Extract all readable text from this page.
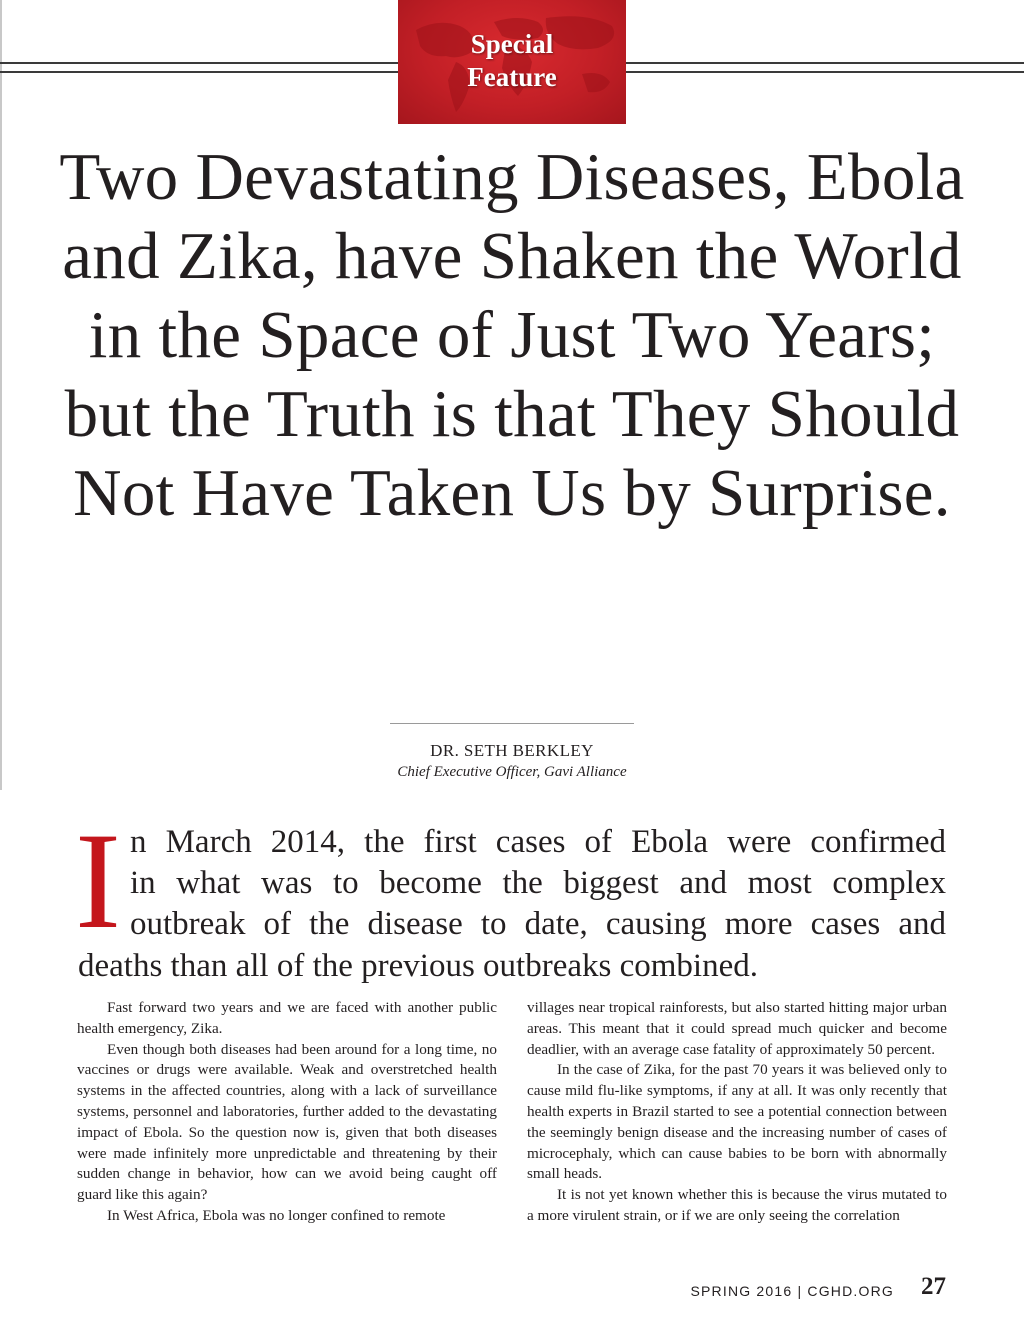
Special
Feature
Two Devastating Diseases, Ebola and Zika, have Shaken the World in the Space of Just Two Years; but the Truth is that They Should Not Have Taken Us by Surprise.
DR. SETH BERKLEY
Chief Executive Officer, Gavi Alliance
I n March 2014, the first cases of Ebola were confirmed
in what was to become the biggest and most complex
outbreak of the disease to date, causing more cases and
deaths than all of the previous outbreaks combined.

Fast forward two years and we are faced with another public health emergency, Zika.

Even though both diseases had been around for a long time, no vaccines or drugs were available. Weak and overstretched health systems in the affected countries, along with a lack of surveillance systems, personnel and laboratories, further added to the devastating impact of Ebola. So the question now is, given that both diseases were made infinitely more unpredictable and threatening by their sudden change in behavior, how can we avoid being caught off guard like this again?

In West Africa, Ebola was no longer confined to remote

villages near tropical rainforests, but also started hitting major urban areas. This meant that it could spread much quicker and become deadlier, with an average case fatality of approximately 50 percent.

In the case of Zika, for the past 70 years it was believed only to cause mild flu-like symptoms, if any at all. It was only recently that health experts in Brazil started to see a potential connection between the seemingly benign disease and the increasing number of cases of microcephaly, which can cause babies to be born with abnormally small heads.

It is not yet known whether this is because the virus mutated to a more virulent strain, or if we are only seeing the correlation

SPRING 2016 | CGHD.ORG 27
